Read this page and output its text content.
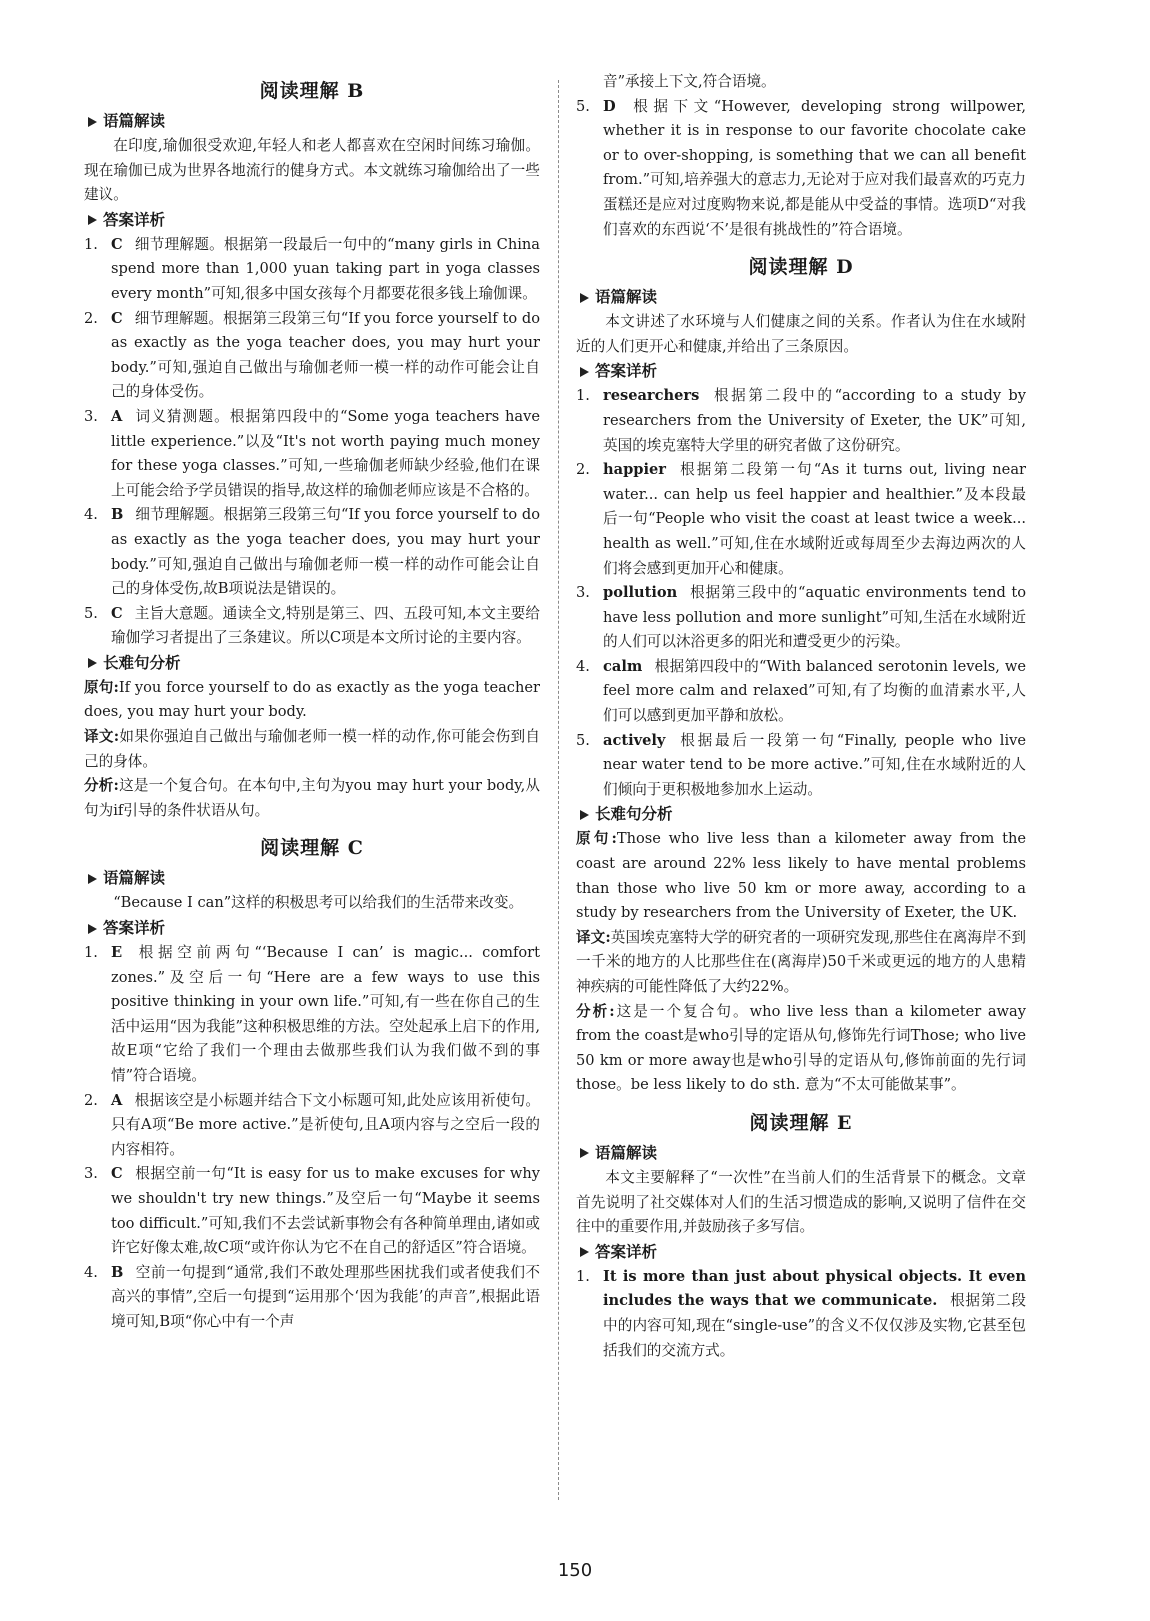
阅读理解 B
语篇解读
在印度,瑜伽很受欢迎,年轻人和老人都喜欢在空闲时间练习瑜伽。现在瑜伽已成为世界各地流行的健身方式。本文就练习瑜伽给出了一些建议。
答案详析
1. C 细节理解题。根据第一段最后一句中的“many girls in China spend more than 1,000 yuan taking part in yoga classes every month”可知,很多中国女孩每个月都要花很多钱上瑜伽课。
2. C 细节理解题。根据第三段第三句“If you force yourself to do as exactly as the yoga teacher does, you may hurt your body.”可知,强迫自己做出与瑜伽老师一模一样的动作可能会让自己的身体受伤。
3. A 词义猜测题。根据第四段中的“Some yoga teachers have little experience.”以及“It's not worth paying much money for these yoga classes.”可知,一些瑜伽老师缺少经验,他们在课上可能会给予学员错误的指导,故这样的瑜伽老师应该是不合格的。
4. B 细节理解题。根据第三段第三句“If you force yourself to do as exactly as the yoga teacher does, you may hurt your body.”可知,强迫自己做出与瑜伽老师一模一样的动作可能会让自己的身体受伤,故B项说法是错误的。
5. C 主旨大意题。通读全文,特别是第三、四、五段可知,本文主要给瑜伽学习者提出了三条建议。所以C项是本文所讨论的主要内容。
长难句分析
原句:If you force yourself to do as exactly as the yoga teacher does, you may hurt your body.
译文:如果你强迫自己做出与瑜伽老师一模一样的动作,你可能会伤到自己的身体。
分析:这是一个复合句。在本句中,主句为you may hurt your body,从句为if引导的条件状语从句。
阅读理解 C
语篇解读
“Because I can”这样的积极思考可以给我们的生活带来改变。
答案详析
1. E 根据空前两句“‘Because I can’ is magic... comfort zones.”及空后一句“Here are a few ways to use this positive thinking in your own life.”可知,有一些在你自己的生活中运用“因为我能”这种积极思维的方法。空处起承上启下的作用,故E项“它给了我们一个理由去做那些我们认为我们做不到的事情”符合语境。
2. A 根据该空是小标题并结合下文小标题可知,此处应该用祈使句。只有A项“Be more active.”是祈使句,且A项内容与之空后一段的内容相符。
3. C 根据空前一句“It is easy for us to make excuses for why we shouldn't try new things.”及空后一句“Maybe it seems too difficult.”可知,我们不去尝试新事物会有各种简单理由,诸如或许它好像太难,故C项“或许你认为它不在自己的舒适区”符合语境。
4. B 空前一句提到“通常,我们不敢处理那些困扰我们或者使我们不高兴的事情”,空后一句提到“运用那个‘因为我能’的声音”,根据此语境可知,B项“你心中有一个声
音”承接上下文,符合语境。
5. D 根据下文“However, developing strong willpower, whether it is in response to our favorite chocolate cake or to over-shopping, is something that we can all benefit from.”可知,培养强大的意志力,无论对于应对我们最喜欢的巧克力蛋糕还是应对过度购物来说,都是能从中受益的事情。选项D“对我们喜欢的东西说‘不’是很有挑战性的”符合语境。
阅读理解 D
语篇解读
本文讲述了水环境与人们健康之间的关系。作者认为住在水域附近的人们更开心和健康,并给出了三条原因。
答案详析
1. researchers 根据第二段中的“according to a study by researchers from the University of Exeter, the UK”可知,英国的埃克塞特大学里的研究者做了这份研究。
2. happier 根据第二段第一句“As it turns out, living near water... can help us feel happier and healthier.”及本段最后一句“People who visit the coast at least twice a week... health as well.”可知,住在水域附近或每周至少去海边两次的人们将会感到更加开心和健康。
3. pollution 根据第三段中的“aquatic environments tend to have less pollution and more sunlight”可知,生活在水域附近的人们可以沐浴更多的阳光和遭受更少的污染。
4. calm 根据第四段中的“With balanced serotonin levels, we feel more calm and relaxed”可知,有了均衡的血清素水平,人们可以感到更加平静和放松。
5. actively 根据最后一段第一句“Finally, people who live near water tend to be more active.”可知,住在水域附近的人们倾向于更积极地参加水上运动。
长难句分析
原句:Those who live less than a kilometer away from the coast are around 22% less likely to have mental problems than those who live 50 km or more away, according to a study by researchers from the University of Exeter, the UK.
译文:英国埃克塞特大学的研究者的一项研究发现,那些住在离海岸不到一千米的地方的人比那些住在(离海岸)50千米或更远的地方的人患精神疾病的可能性降低了大约22%。
分析:这是一个复合句。who live less than a kilometer away from the coast是who引导的定语从句,修饰先行词Those; who live 50 km or more away也是who引导的定语从句,修饰前面的先行词those。be less likely to do sth. 意为“不太可能做某事”。
阅读理解 E
语篇解读
本文主要解释了“一次性”在当前人们的生活背景下的概念。文章首先说明了社交媒体对人们的生活习惯造成的影响,又说明了信件在交往中的重要作用,并鼓励孩子多写信。
答案详析
1. It is more than just about physical objects. It even includes the ways that we communicate. 根据第二段中的内容可知,现在“single-use”的含义不仅仅涉及实物,它甚至包括我们的交流方式。
150
